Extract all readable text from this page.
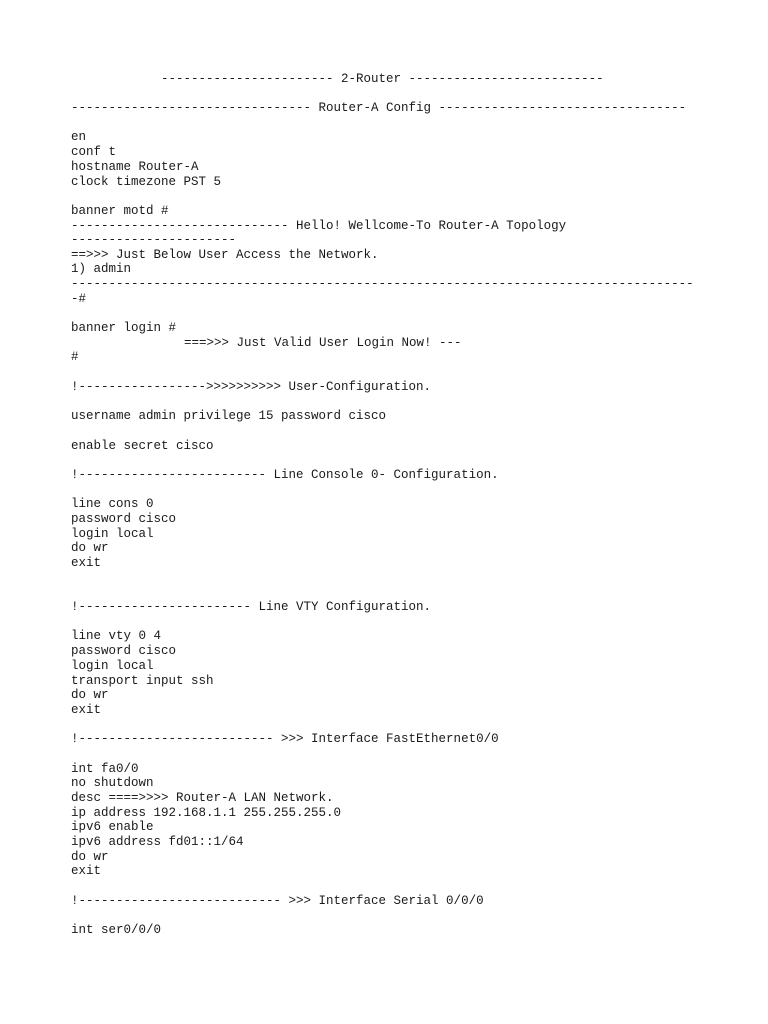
----------------------- 2-Router --------------------------
-------------------------------- Router-A Config ---------------------------------
en
conf t
hostname Router-A
clock timezone PST 5
banner motd #
----------------------------- Hello! Wellcome-To Router-A Topology
----------------------
==>>> Just Below User Access the Network.
1) admin
-----------------------------------------------------------------------------------
-#
banner login #
===>>> Just Valid User Login Now! ---
#
!----------------->>>>>>>>>> User-Configuration.
username admin privilege 15 password cisco
enable secret cisco
!------------------------- Line Console 0- Configuration.
line cons 0
password cisco
login local
do wr
exit
!----------------------- Line VTY Configuration.
line vty 0 4
password cisco
login local
transport input ssh
do wr
exit
!-------------------------- >>> Interface FastEthernet0/0
int fa0/0
no shutdown
desc ====>>>> Router-A LAN Network.
ip address 192.168.1.1 255.255.255.0
ipv6 enable
ipv6 address fd01::1/64
do wr
exit
!--------------------------- >>> Interface Serial 0/0/0
int ser0/0/0
